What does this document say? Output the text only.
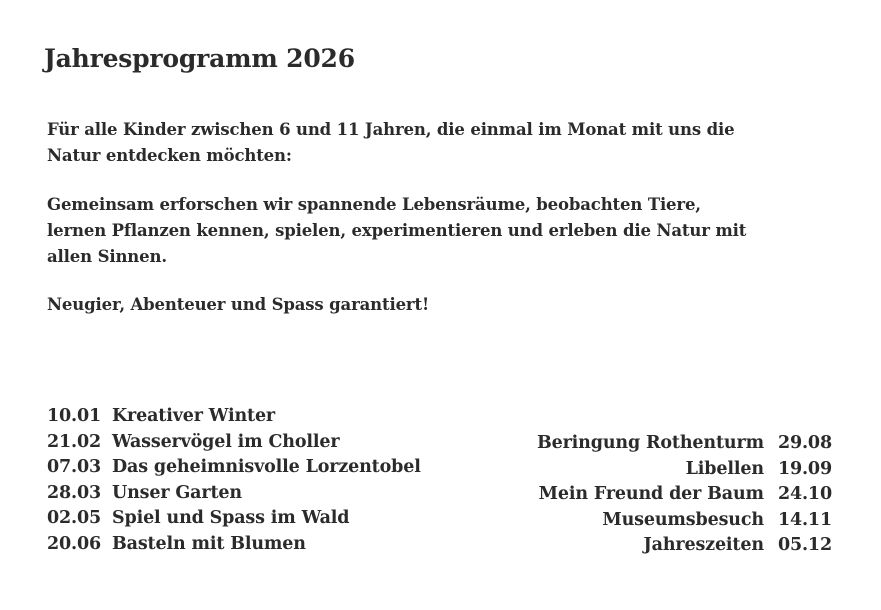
Jahresprogramm 2026

Für alle Kinder zwischen 6 und 11 Jahren, die einmal im Monat mit uns die
Natur entdecken möchten:

Gemeinsam erforschen wir spannende Lebensräume, beobachten Tiere,
lernen Pflanzen kennen, spielen, experimentieren und erleben die Natur mit
allen Sinnen.

Neugier, Abenteuer und Spass garantiert!

10.01 Kreativer Winter
21.02 Wasservögel im Choller
07.03 Das geheimnisvolle Lorzentobel
28.03 Unser Garten
02.05 Spiel und Spass im Wald
20.06 Basteln mit Blumen
Beringung Rothenturm 29.08
Libellen 19.09
Mein Freund der Baum 24.10
Museumsbesuch 14.11
Jahreszeiten 05.12
